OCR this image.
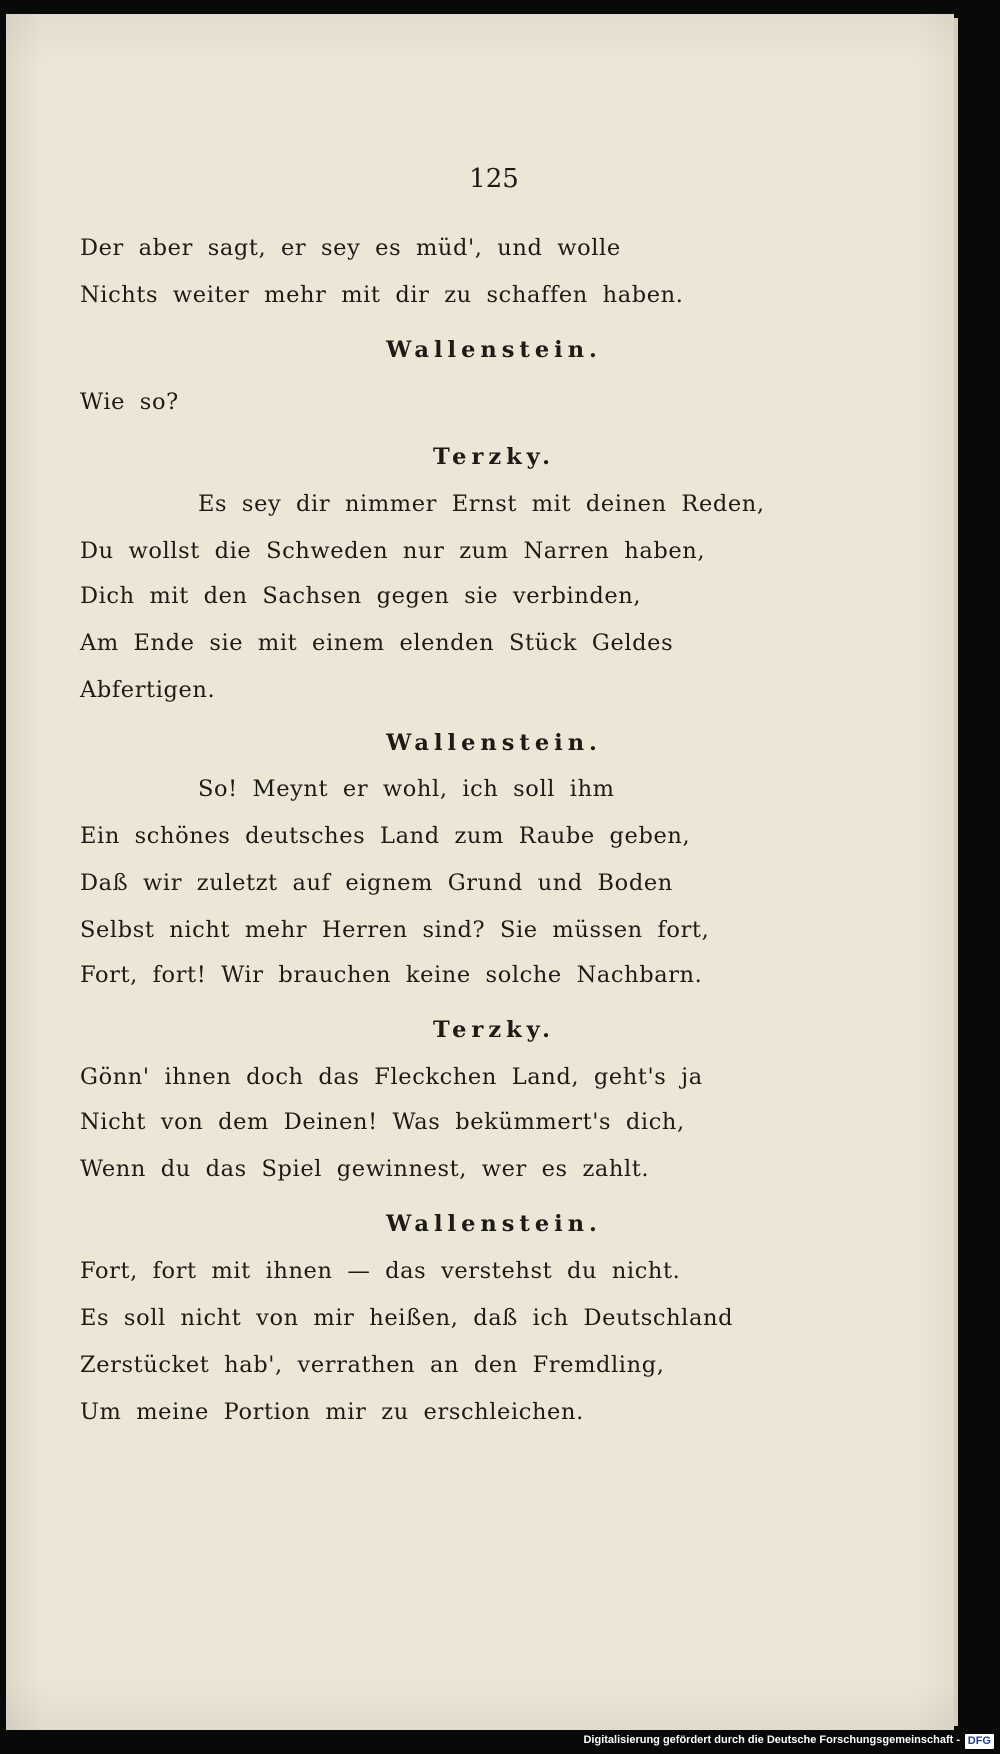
125
Der aber sagt, er sey es müd', und wolle
Nichts weiter mehr mit dir zu schaffen haben.
Wallenstein.
Wie so?
Terzky.
Es sey dir nimmer Ernst mit deinen Reden,
Du wollst die Schweden nur zum Narren haben,
Dich mit den Sachsen gegen sie verbinden,
Am Ende sie mit einem elenden Stück Geldes
Abfertigen.
Wallenstein.
So! Meynt er wohl, ich soll ihm
Ein schönes deutsches Land zum Raube geben,
Daß wir zuletzt auf eignem Grund und Boden
Selbst nicht mehr Herren sind? Sie müssen fort,
Fort, fort! Wir brauchen keine solche Nachbarn.
Terzky.
Gönn' ihnen doch das Fleckchen Land, geht's ja
Nicht von dem Deinen! Was bekümmert's dich,
Wenn du das Spiel gewinnest, wer es zahlt.
Wallenstein.
Fort, fort mit ihnen — das verstehst du nicht.
Es soll nicht von mir heißen, daß ich Deutschland
Zerstücket hab', verrathen an den Fremdling,
Um meine Portion mir zu erschleichen.
Digitalisierung gefördert durch die Deutsche Forschungsgemeinschaft - DFG
